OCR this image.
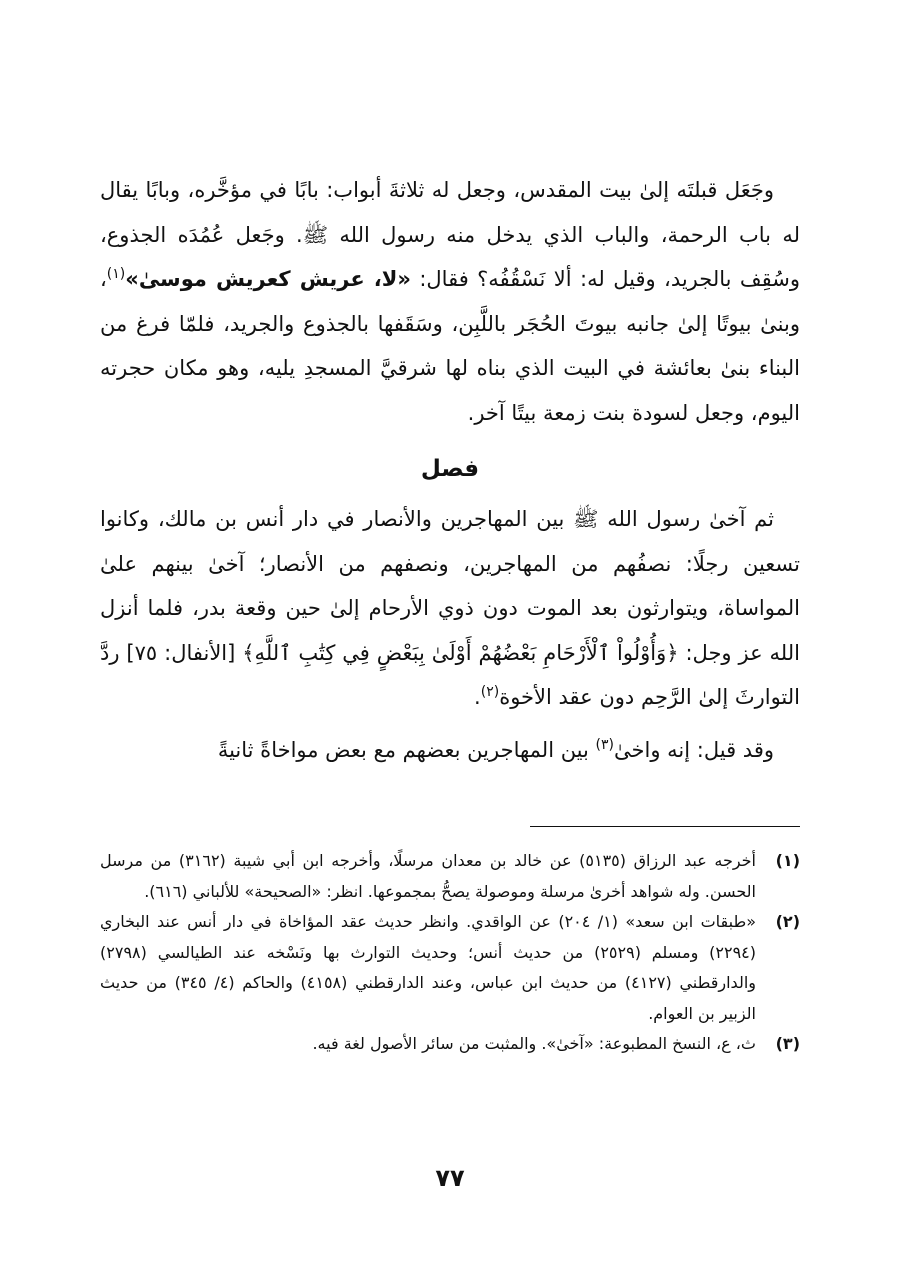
وجَعَل قبلتَه إلىٰ بيت المقدس، وجعل له ثلاثةَ أبواب: بابًا في مؤخَّره، وبابًا يقال له باب الرحمة، والباب الذي يدخل منه رسول الله ﷺ. وجَعل عُمُدَه الجذوع، وسُقِف بالجريد، وقيل له: ألا نَسْقُفُه؟ فقال: «لا، عريش كعريش موسىٰ»$^{(١)}$، وبنىٰ بيوتًا إلىٰ جانبه بيوتَ الحُجَر باللَّبِن، وسَقَفها بالجذوع والجريد، فلمّا فرغ من البناء بنىٰ بعائشة في البيت الذي بناه لها شرقيَّ المسجدِ يليه، وهو مكان حجرته اليوم، وجعل لسودة بنت زمعة بيتًا آخر.

فصل

ثم آخىٰ رسول الله ﷺ بين المهاجرين والأنصار في دار أنس بن مالك، وكانوا تسعين رجلًا: نصفُهم من المهاجرين، ونصفهم من الأنصار؛ آخىٰ بينهم علىٰ المواساة، ويتوارثون بعد الموت دون ذوي الأرحام إلىٰ حين وقعة بدر، فلما أنزل الله عز وجل: ﴿وَأُوْلُواْ ٱلْأَرْحَامِ بَعْضُهُمْ أَوْلَىٰ بِبَعْضٍ فِي كِتَٰبِ ٱللَّهِ﴾ [الأنفال: ٧٥] ردَّ التوارثَ إلىٰ الرَّحِم دون عقد الأخوة$^{(٢)}$.

وقد قيل: إنه واخىٰ$^{(٣)}$ بين المهاجرين بعضهم مع بعض مواخاةً ثانيةً

(١)
أخرجه عبد الرزاق (٥١٣٥) عن خالد بن معدان مرسلًا، وأخرجه ابن أبي شيبة (٣١٦٢) من مرسل الحسن. وله شواهد أخرىٰ مرسلة وموصولة يصحُّ بمجموعها. انظر: «الصحيحة» للألباني (٦١٦).
(٢)
«طبقات ابن سعد» (١/ ٢٠٤) عن الواقدي. وانظر حديث عقد المؤاخاة في دار أنس عند البخاري (٢٢٩٤) ومسلم (٢٥٢٩) من حديث أنس؛ وحديث التوارث بها ونَسْخه عند الطيالسي (٢٧٩٨) والدارقطني (٤١٢٧) من حديث ابن عباس، وعند الدارقطني (٤١٥٨) والحاكم (٤/ ٣٤٥) من حديث الزبير بن العوام.
(٣)
ث، ع، النسخ المطبوعة: «آخىٰ». والمثبت من سائر الأصول لغة فيه.
٧٧
